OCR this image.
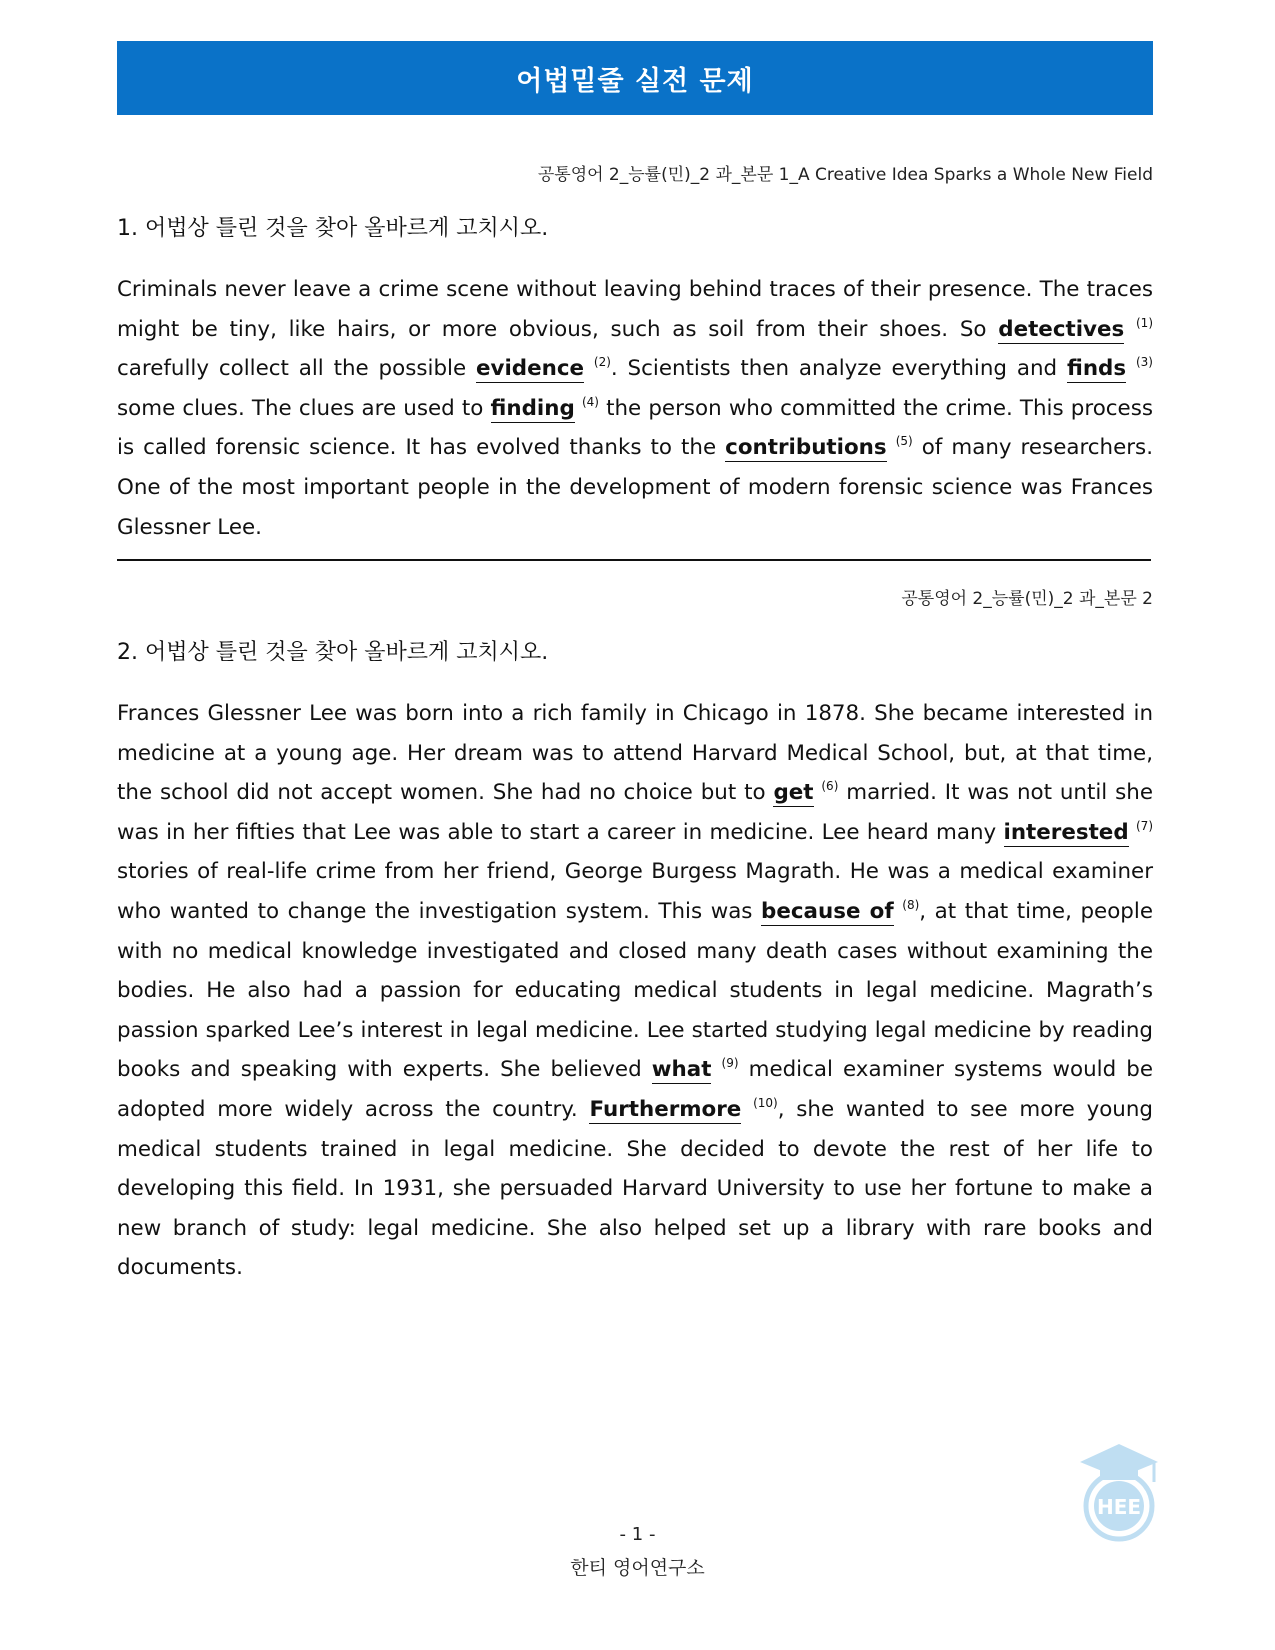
어법밑줄 실전 문제
공통영어 2_능률(민)_2 과_본문 1_A Creative Idea Sparks a Whole New Field
1. 어법상 틀린 것을 찾아 올바르게 고치시오.
Criminals never leave a crime scene without leaving behind traces of their presence. The traces might be tiny, like hairs, or more obvious, such as soil from their shoes. So detectives $^{(1)}$ carefully collect all the possible evidence $^{(2)}$. Scientists then analyze everything and finds $^{(3)}$ some clues. The clues are used to finding $^{(4)}$ the person who committed the crime. This process is called forensic science. It has evolved thanks to the contributions $^{(5)}$ of many researchers. One of the most important people in the development of modern forensic science was Frances Glessner Lee.
공통영어 2_능률(민)_2 과_본문 2
2. 어법상 틀린 것을 찾아 올바르게 고치시오.
Frances Glessner Lee was born into a rich family in Chicago in 1878. She became interested in medicine at a young age. Her dream was to attend Harvard Medical School, but, at that time, the school did not accept women. She had no choice but to get $^{(6)}$ married. It was not until she was in her fifties that Lee was able to start a career in medicine. Lee heard many interested $^{(7)}$ stories of real-life crime from her friend, George Burgess Magrath. He was a medical examiner who wanted to change the investigation system. This was because of $^{(8)}$, at that time, people with no medical knowledge investigated and closed many death cases without examining the bodies. He also had a passion for educating medical students in legal medicine. Magrath’s passion sparked Lee’s interest in legal medicine. Lee started studying legal medicine by reading books and speaking with experts. She believed what $^{(9)}$ medical examiner systems would be adopted more widely across the country. Furthermore $^{(10)}$, she wanted to see more young medical students trained in legal medicine. She decided to devote the rest of her life to developing this field. In 1931, she persuaded Harvard University to use her fortune to make a new branch of study: legal medicine. She also helped set up a library with rare books and documents.
HEE
- 1 -
한티 영어연구소
